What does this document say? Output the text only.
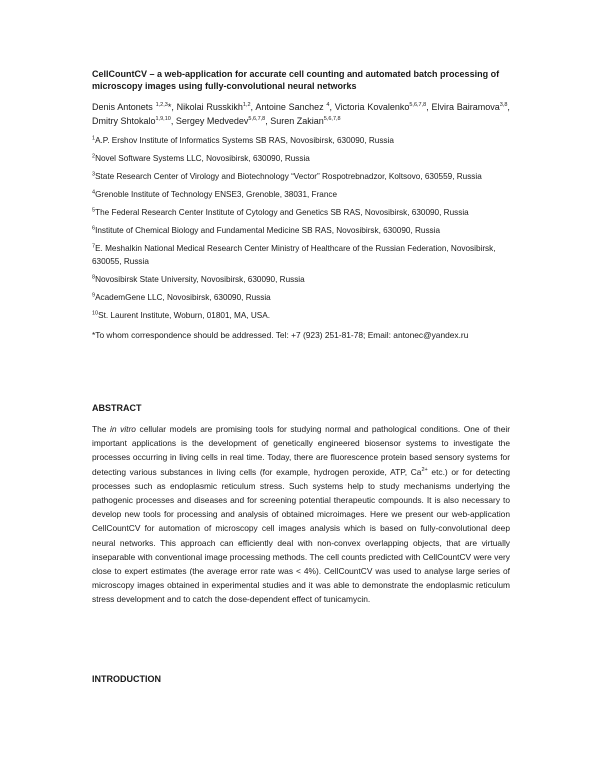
CellCountCV – a web-application for accurate cell counting and automated batch processing of microscopy images using fully-convolutional neural networks

Denis Antonets $^{1,2,3}$*, Nikolai Russkikh$^{1,2}$, Antoine Sanchez $^4$, Victoria Kovalenko$^{5,6,7,8}$, Elvira Bairamova$^{3,8}$, Dmitry Shtokalo$^{1,9,10}$, Sergey Medvedev$^{5,6,7,8}$, Suren Zakian$^{5,6,7,8}$

$^1$A.P. Ershov Institute of Informatics Systems SB RAS, Novosibirsk, 630090, Russia
$^2$Novel Software Systems LLC, Novosibirsk, 630090, Russia
$^3$State Research Center of Virology and Biotechnology “Vector” Rospotrebnadzor, Koltsovo, 630559, Russia
$^4$Grenoble Institute of Technology ENSE3, Grenoble, 38031, France
$^5$The Federal Research Center Institute of Cytology and Genetics SB RAS, Novosibirsk, 630090, Russia
$^6$Institute of Chemical Biology and Fundamental Medicine SB RAS, Novosibirsk, 630090, Russia
$^7$E. Meshalkin National Medical Research Center Ministry of Healthcare of the Russian Federation, Novosibirsk, 630055, Russia
$^8$Novosibirsk State University, Novosibirsk, 630090, Russia
$^9$AcademGene LLC, Novosibirsk, 630090, Russia
$^{10}$St. Laurent Institute, Woburn, 01801, MA, USA.

*To whom correspondence should be addressed. Tel: +7 (923) 251-81-78; Email: antonec@yandex.ru

ABSTRACT

The in vitro cellular models are promising tools for studying normal and pathological conditions. One of their important applications is the development of genetically engineered biosensor systems to investigate the processes occurring in living cells in real time. Today, there are fluorescence protein based sensory systems for detecting various substances in living cells (for example, hydrogen peroxide, ATP, $Ca^{2+}$ etc.) or for detecting processes such as endoplasmic reticulum stress. Such systems help to study mechanisms underlying the pathogenic processes and diseases and for screening potential therapeutic compounds. It is also necessary to develop new tools for processing and analysis of obtained microimages. Here we present our web-application CellCountCV for automation of microscopy cell images analysis which is based on fully-convolutional deep neural networks. This approach can efficiently deal with non-convex overlapping objects, that are virtually inseparable with conventional image processing methods. The cell counts predicted with CellCountCV were very close to expert estimates (the average error rate was < 4%). CellCountCV was used to analyse large series of microscopy images obtained in experimental studies and it was able to demonstrate the endoplasmic reticulum stress development and to catch the dose-dependent effect of tunicamycin.

INTRODUCTION
